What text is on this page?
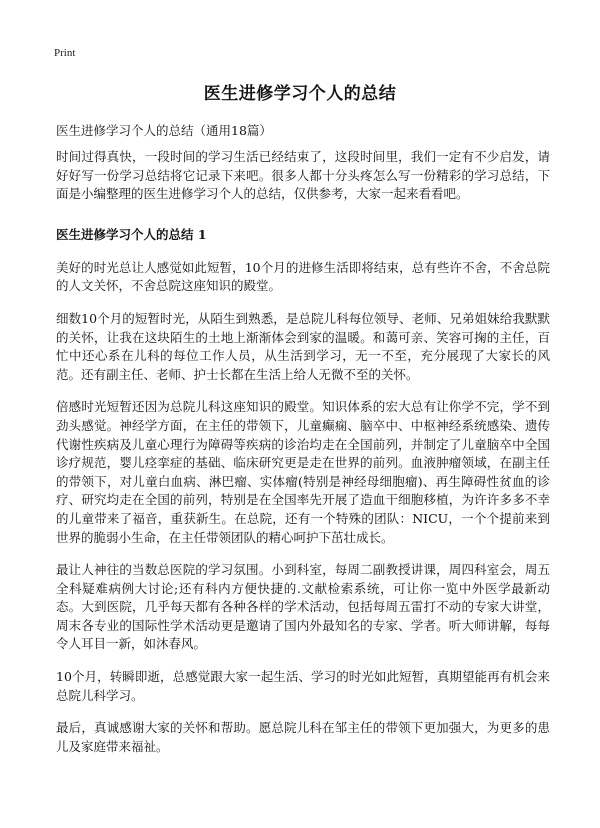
Print
医生进修学习个人的总结

医生进修学习个人的总结（通用18篇）

时间过得真快，一段时间的学习生活已经结束了，这段时间里，我们一定有不少启发，请好好写一份学习总结将它记录下来吧。很多人都十分头疼怎么写一份精彩的学习总结，下面是小编整理的医生进修学习个人的总结，仅供参考，大家一起来看看吧。

医生进修学习个人的总结 1

美好的时光总让人感觉如此短暂，10个月的进修生活即将结束，总有些许不舍，不舍总院的人文关怀，不舍总院这座知识的殿堂。

细数10个月的短暂时光，从陌生到熟悉，是总院儿科每位领导、老师、兄弟姐妹给我默默的关怀，让我在这块陌生的土地上渐渐体会到家的温暖。和蔼可亲、笑容可掬的主任，百忙中还心系在儿科的每位工作人员，从生活到学习，无一不至，充分展现了大家长的风范。还有副主任、老师、护士长都在生活上给人无微不至的关怀。

倍感时光短暂还因为总院儿科这座知识的殿堂。知识体系的宏大总有让你学不完，学不到劲头感觉。神经学方面，在主任的带领下，儿童癫痫、脑卒中、中枢神经系统感染、遗传代谢性疾病及儿童心理行为障碍等疾病的诊治均走在全国前列，并制定了儿童脑卒中全国诊疗规范，婴儿痉挛症的基础、临床研究更是走在世界的前列。血液肿瘤领域，在副主任的带领下，对儿童白血病、淋巴瘤、实体瘤(特别是神经母细胞瘤)、再生障碍性贫血的诊疗、研究均走在全国的前列，特别是在全国率先开展了造血干细胞移植，为许许多多不幸的儿童带来了福音，重获新生。在总院，还有一个特殊的团队：NICU，一个个提前来到世界的脆弱小生命，在主任带领团队的精心呵护下茁壮成长。

最让人神往的当数总医院的学习氛围。小到科室，每周二副教授讲课，周四科室会，周五全科疑难病例大讨论;还有科内方便快捷的.文献检索系统，可让你一览中外医学最新动态。大到医院，几乎每天都有各种各样的学术活动，包括每周五雷打不动的专家大讲堂，周末各专业的国际性学术活动更是邀请了国内外最知名的专家、学者。听大师讲解，每每令人耳目一新，如沐春风。

10个月，转瞬即逝，总感觉跟大家一起生活、学习的时光如此短暂，真期望能再有机会来总院儿科学习。

最后，真诚感谢大家的关怀和帮助。愿总院儿科在邹主任的带领下更加强大，为更多的患儿及家庭带来福祉。
